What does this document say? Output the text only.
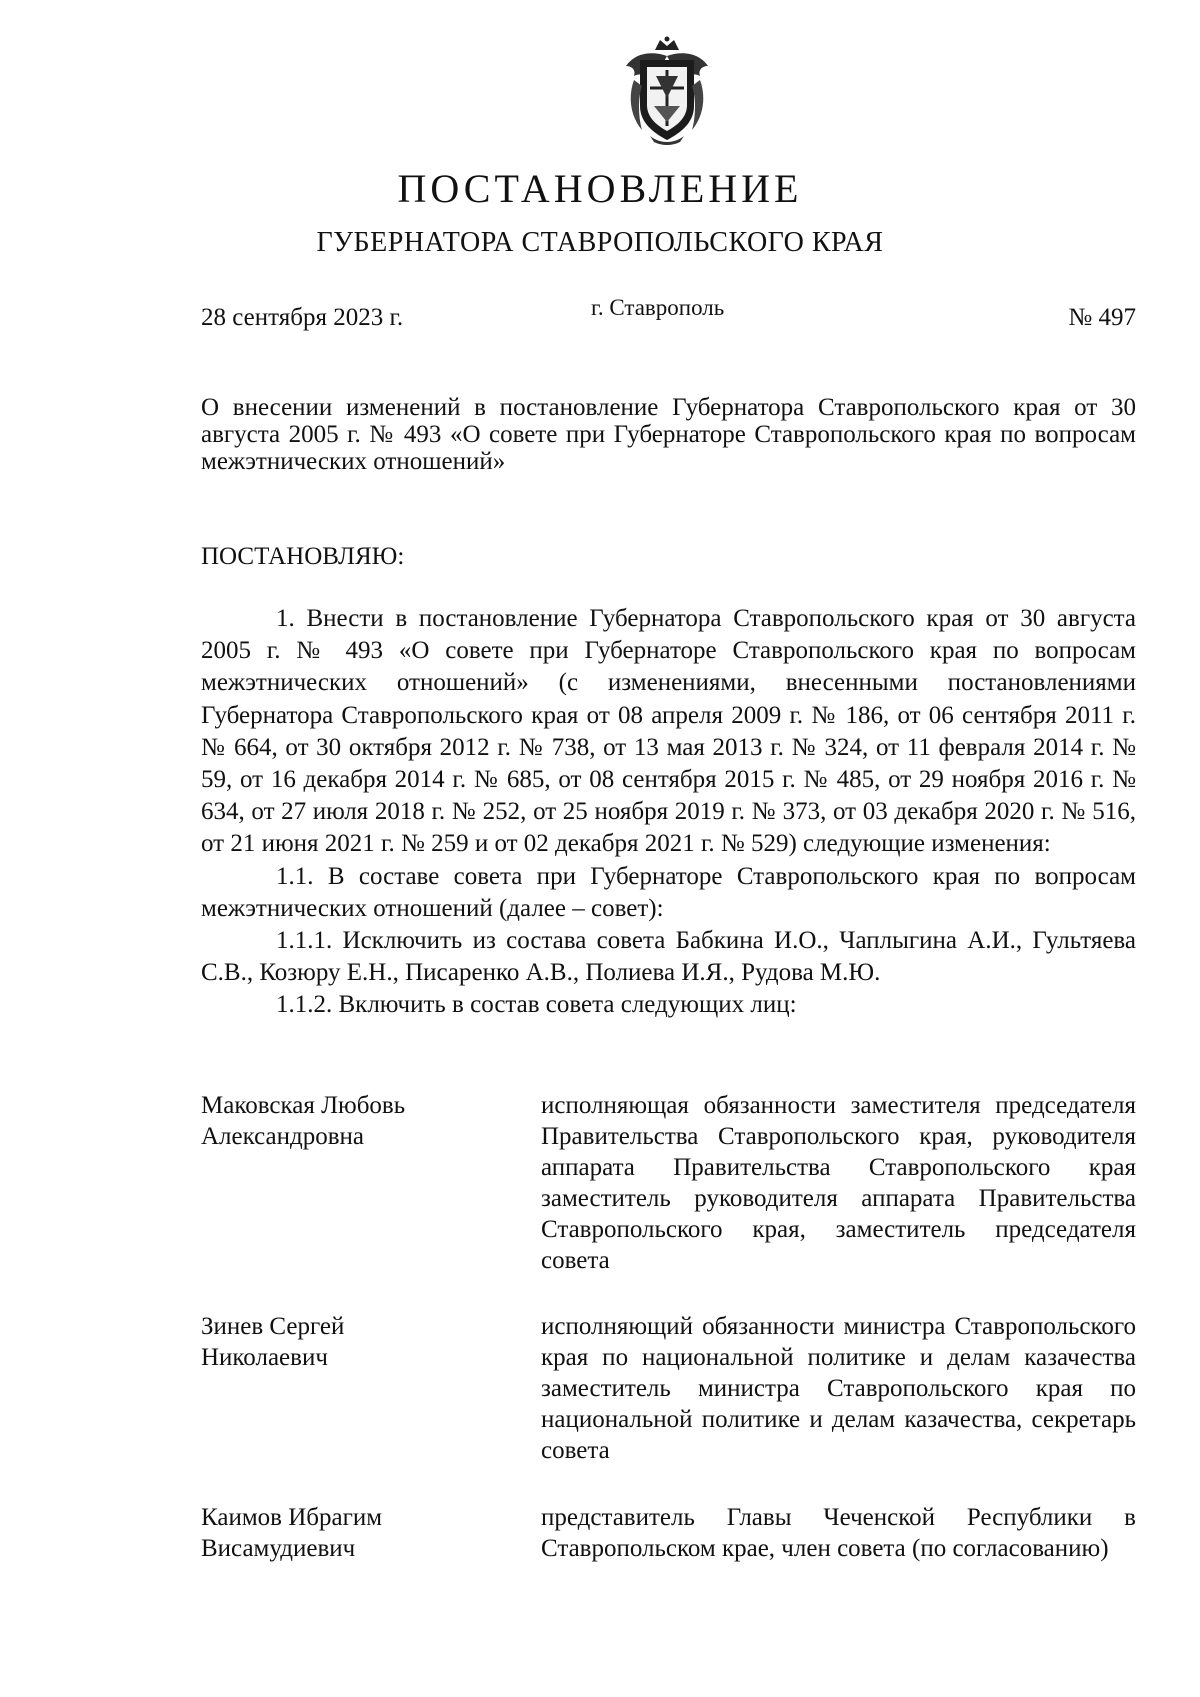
ПОСТАНОВЛЕНИЕ
ГУБЕРНАТОРА СТАВРОПОЛЬСКОГО КРАЯ
28 сентября 2023 г.	г. Ставрополь	№ 497
О внесении изменений в постановление Губернатора Ставропольского края от 30 августа 2005 г. № 493 «О совете при Губернаторе Ставропольского края по вопросам межэтнических отношений»
ПОСТАНОВЛЯЮ:

1. Внести в постановление Губернатора Ставропольского края от 30 августа 2005 г. № 493 «О совете при Губернаторе Ставропольского края по вопросам межэтнических отношений» (с изменениями, внесенными постановлениями Губернатора Ставропольского края от 08 апреля 2009 г. № 186, от 06 сентября 2011 г. № 664, от 30 октября 2012 г. № 738, от 13 мая 2013 г. № 324, от 11 февраля 2014 г. № 59, от 16 декабря 2014 г. № 685, от 08 сентября 2015 г. № 485, от 29 ноября 2016 г. № 634, от 27 июля 2018 г. № 252, от 25 ноября 2019 г. № 373, от 03 декабря 2020 г. № 516, от 21 июня 2021 г. № 259 и от 02 декабря 2021 г. № 529) следующие изменения:

1.1. В составе совета при Губернаторе Ставропольского края по вопросам межэтнических отношений (далее – совет):

1.1.1. Исключить из состава совета Бабкина И.О., Чаплыгина А.И., Гультяева С.В., Козюру Е.Н., Писаренко А.В., Полиева И.Я., Рудова М.Ю.

1.1.2. Включить в состав совета следующих лиц:

Маковская Любовь
Александровна
исполняющая обязанности заместителя председателя Правительства Ставропольского края, руководителя аппарата Правительства Ставропольского края заместитель руководителя аппарата Правительства Ставропольского края, заместитель председателя совета
Зинев Сергей
Николаевич
исполняющий обязанности министра Ставропольского края по национальной политике и делам казачества заместитель министра Ставропольского края по национальной политике и делам казачества, секретарь совета
Каимов Ибрагим
Висамудиевич
представитель Главы Чеченской Республики в Ставропольском крае, член совета (по согласованию)
